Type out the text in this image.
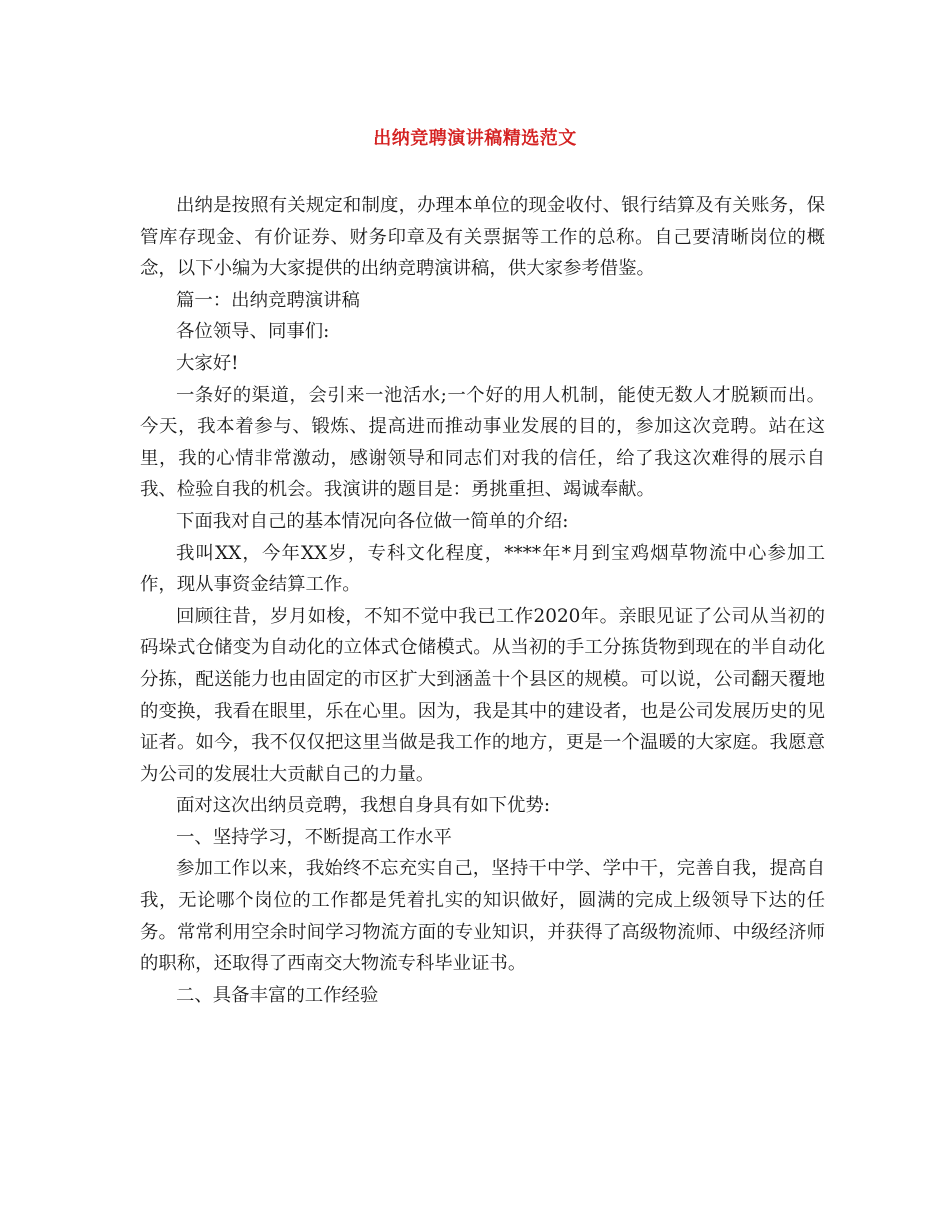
出纳竞聘演讲稿精选范文

出纳是按照有关规定和制度，办理本单位的现金收付、银行结算及有关账务，保管库存现金、有价证券、财务印章及有关票据等工作的总称。自己要清晰岗位的概念，以下小编为大家提供的出纳竞聘演讲稿，供大家参考借鉴。

篇一：出纳竞聘演讲稿

各位领导、同事们:

大家好!

一条好的渠道，会引来一池活水;一个好的用人机制，能使无数人才脱颖而出。今天，我本着参与、锻炼、提高进而推动事业发展的目的，参加这次竞聘。站在这里，我的心情非常激动，感谢领导和同志们对我的信任，给了我这次难得的展示自我、检验自我的机会。我演讲的题目是：勇挑重担、竭诚奉献。

下面我对自己的基本情况向各位做一简单的介绍:

我叫XX，今年XX岁，专科文化程度，****年*月到宝鸡烟草物流中心参加工作，现从事资金结算工作。

回顾往昔，岁月如梭，不知不觉中我已工作2020年。亲眼见证了公司从当初的码垛式仓储变为自动化的立体式仓储模式。从当初的手工分拣货物到现在的半自动化分拣，配送能力也由固定的市区扩大到涵盖十个县区的规模。可以说，公司翻天覆地的变换，我看在眼里，乐在心里。因为，我是其中的建设者，也是公司发展历史的见证者。如今，我不仅仅把这里当做是我工作的地方，更是一个温暖的大家庭。我愿意为公司的发展壮大贡献自己的力量。

面对这次出纳员竞聘，我想自身具有如下优势:

一、坚持学习，不断提高工作水平

参加工作以来，我始终不忘充实自己，坚持干中学、学中干，完善自我，提高自我，无论哪个岗位的工作都是凭着扎实的知识做好，圆满的完成上级领导下达的任务。常常利用空余时间学习物流方面的专业知识，并获得了高级物流师、中级经济师的职称，还取得了西南交大物流专科毕业证书。

二、具备丰富的工作经验
